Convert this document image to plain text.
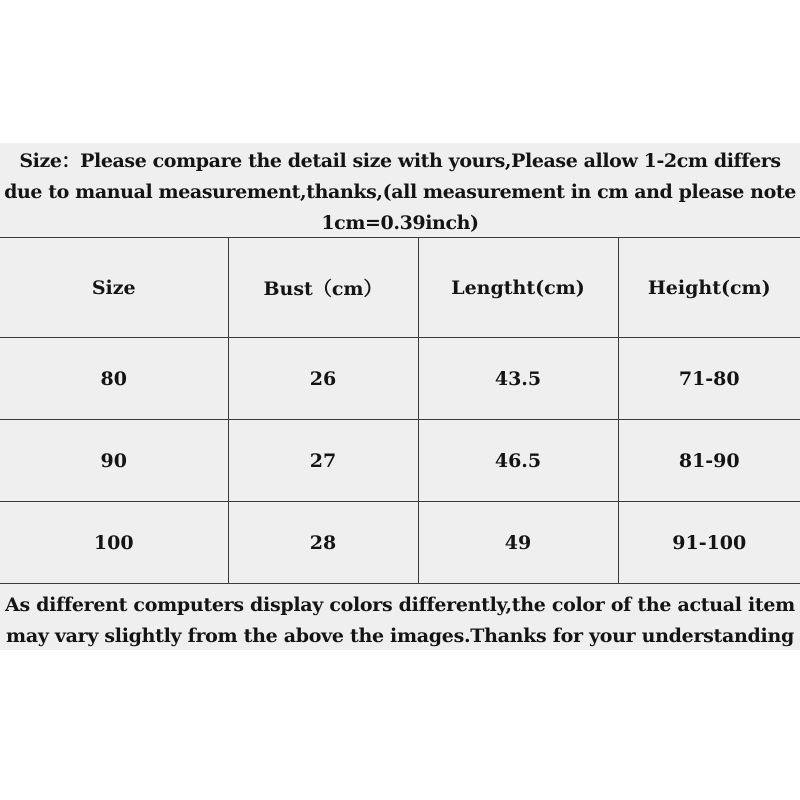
Size：Please compare the detail size with yours,Please allow 1-2cm differs
due to manual measurement,thanks,(all measurement in cm and please note
1cm=0.39inch)
Size	Bust（cm）	Lengtht(cm)	Height(cm)
80	26	43.5	71-80
90	27	46.5	81-90
100	28	49	91-100
As different computers display colors differently,the color of the actual item
may vary slightly from the above the images.Thanks for your understanding
